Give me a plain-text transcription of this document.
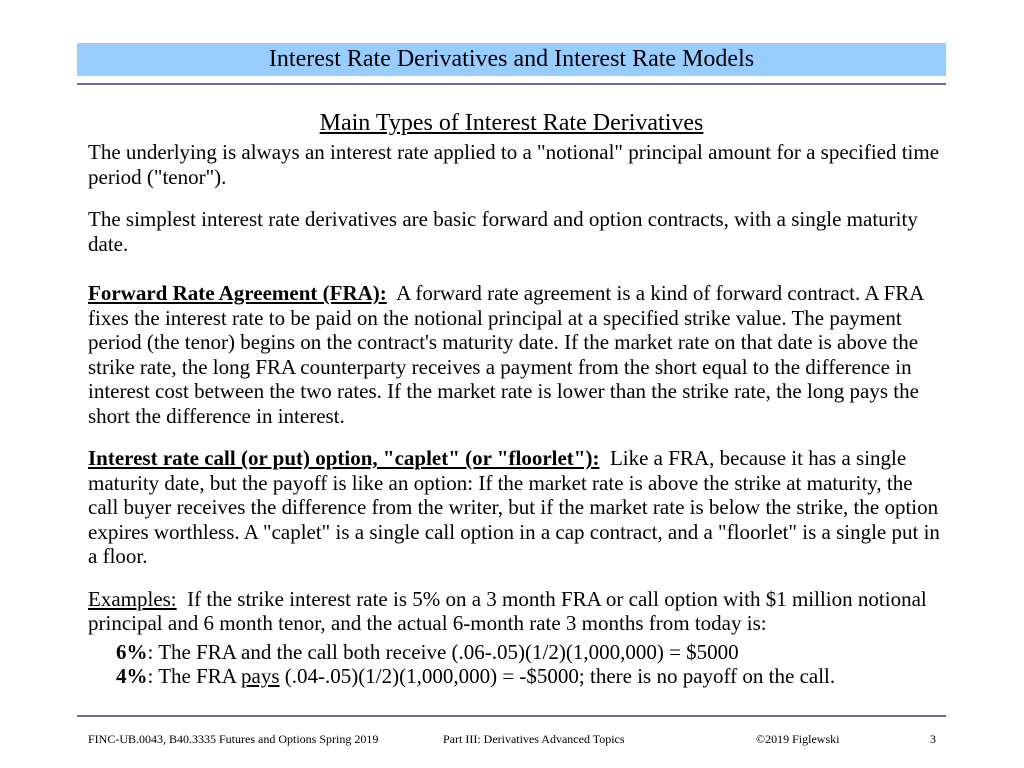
Interest Rate Derivatives and Interest Rate Models
Main Types of Interest Rate Derivatives

The underlying is always an interest rate applied to a "notional" principal amount for a specified time period ("tenor").

The simplest interest rate derivatives are basic forward and option contracts, with a single maturity date.

Forward Rate Agreement (FRA): A forward rate agreement is a kind of forward contract. A FRA fixes the interest rate to be paid on the notional principal at a specified strike value. The payment period (the tenor) begins on the contract's maturity date. If the market rate on that date is above the strike rate, the long FRA counterparty receives a payment from the short equal to the difference in interest cost between the two rates. If the market rate is lower than the strike rate, the long pays the short the difference in interest.

Interest rate call (or put) option, "caplet" (or "floorlet"): Like a FRA, because it has a single maturity date, but the payoff is like an option: If the market rate is above the strike at maturity, the call buyer receives the difference from the writer, but if the market rate is below the strike, the option expires worthless. A "caplet" is a single call option in a cap contract, and a "floorlet" is a single put in a floor.

Examples: If the strike interest rate is 5% on a 3 month FRA or call option with $1 million notional principal and 6 month tenor, and the actual 6-month rate 3 months from today is:

6%: The FRA and the call both receive (.06-.05)(1/2)(1,000,000) = $5000

4%: The FRA pays (.04-.05)(1/2)(1,000,000) = -$5000; there is no payoff on the call.

FINC-UB.0043, B40.3335 Futures and Options Spring 2019	Part III: Derivatives Advanced Topics	©2019 Figlewski	3
